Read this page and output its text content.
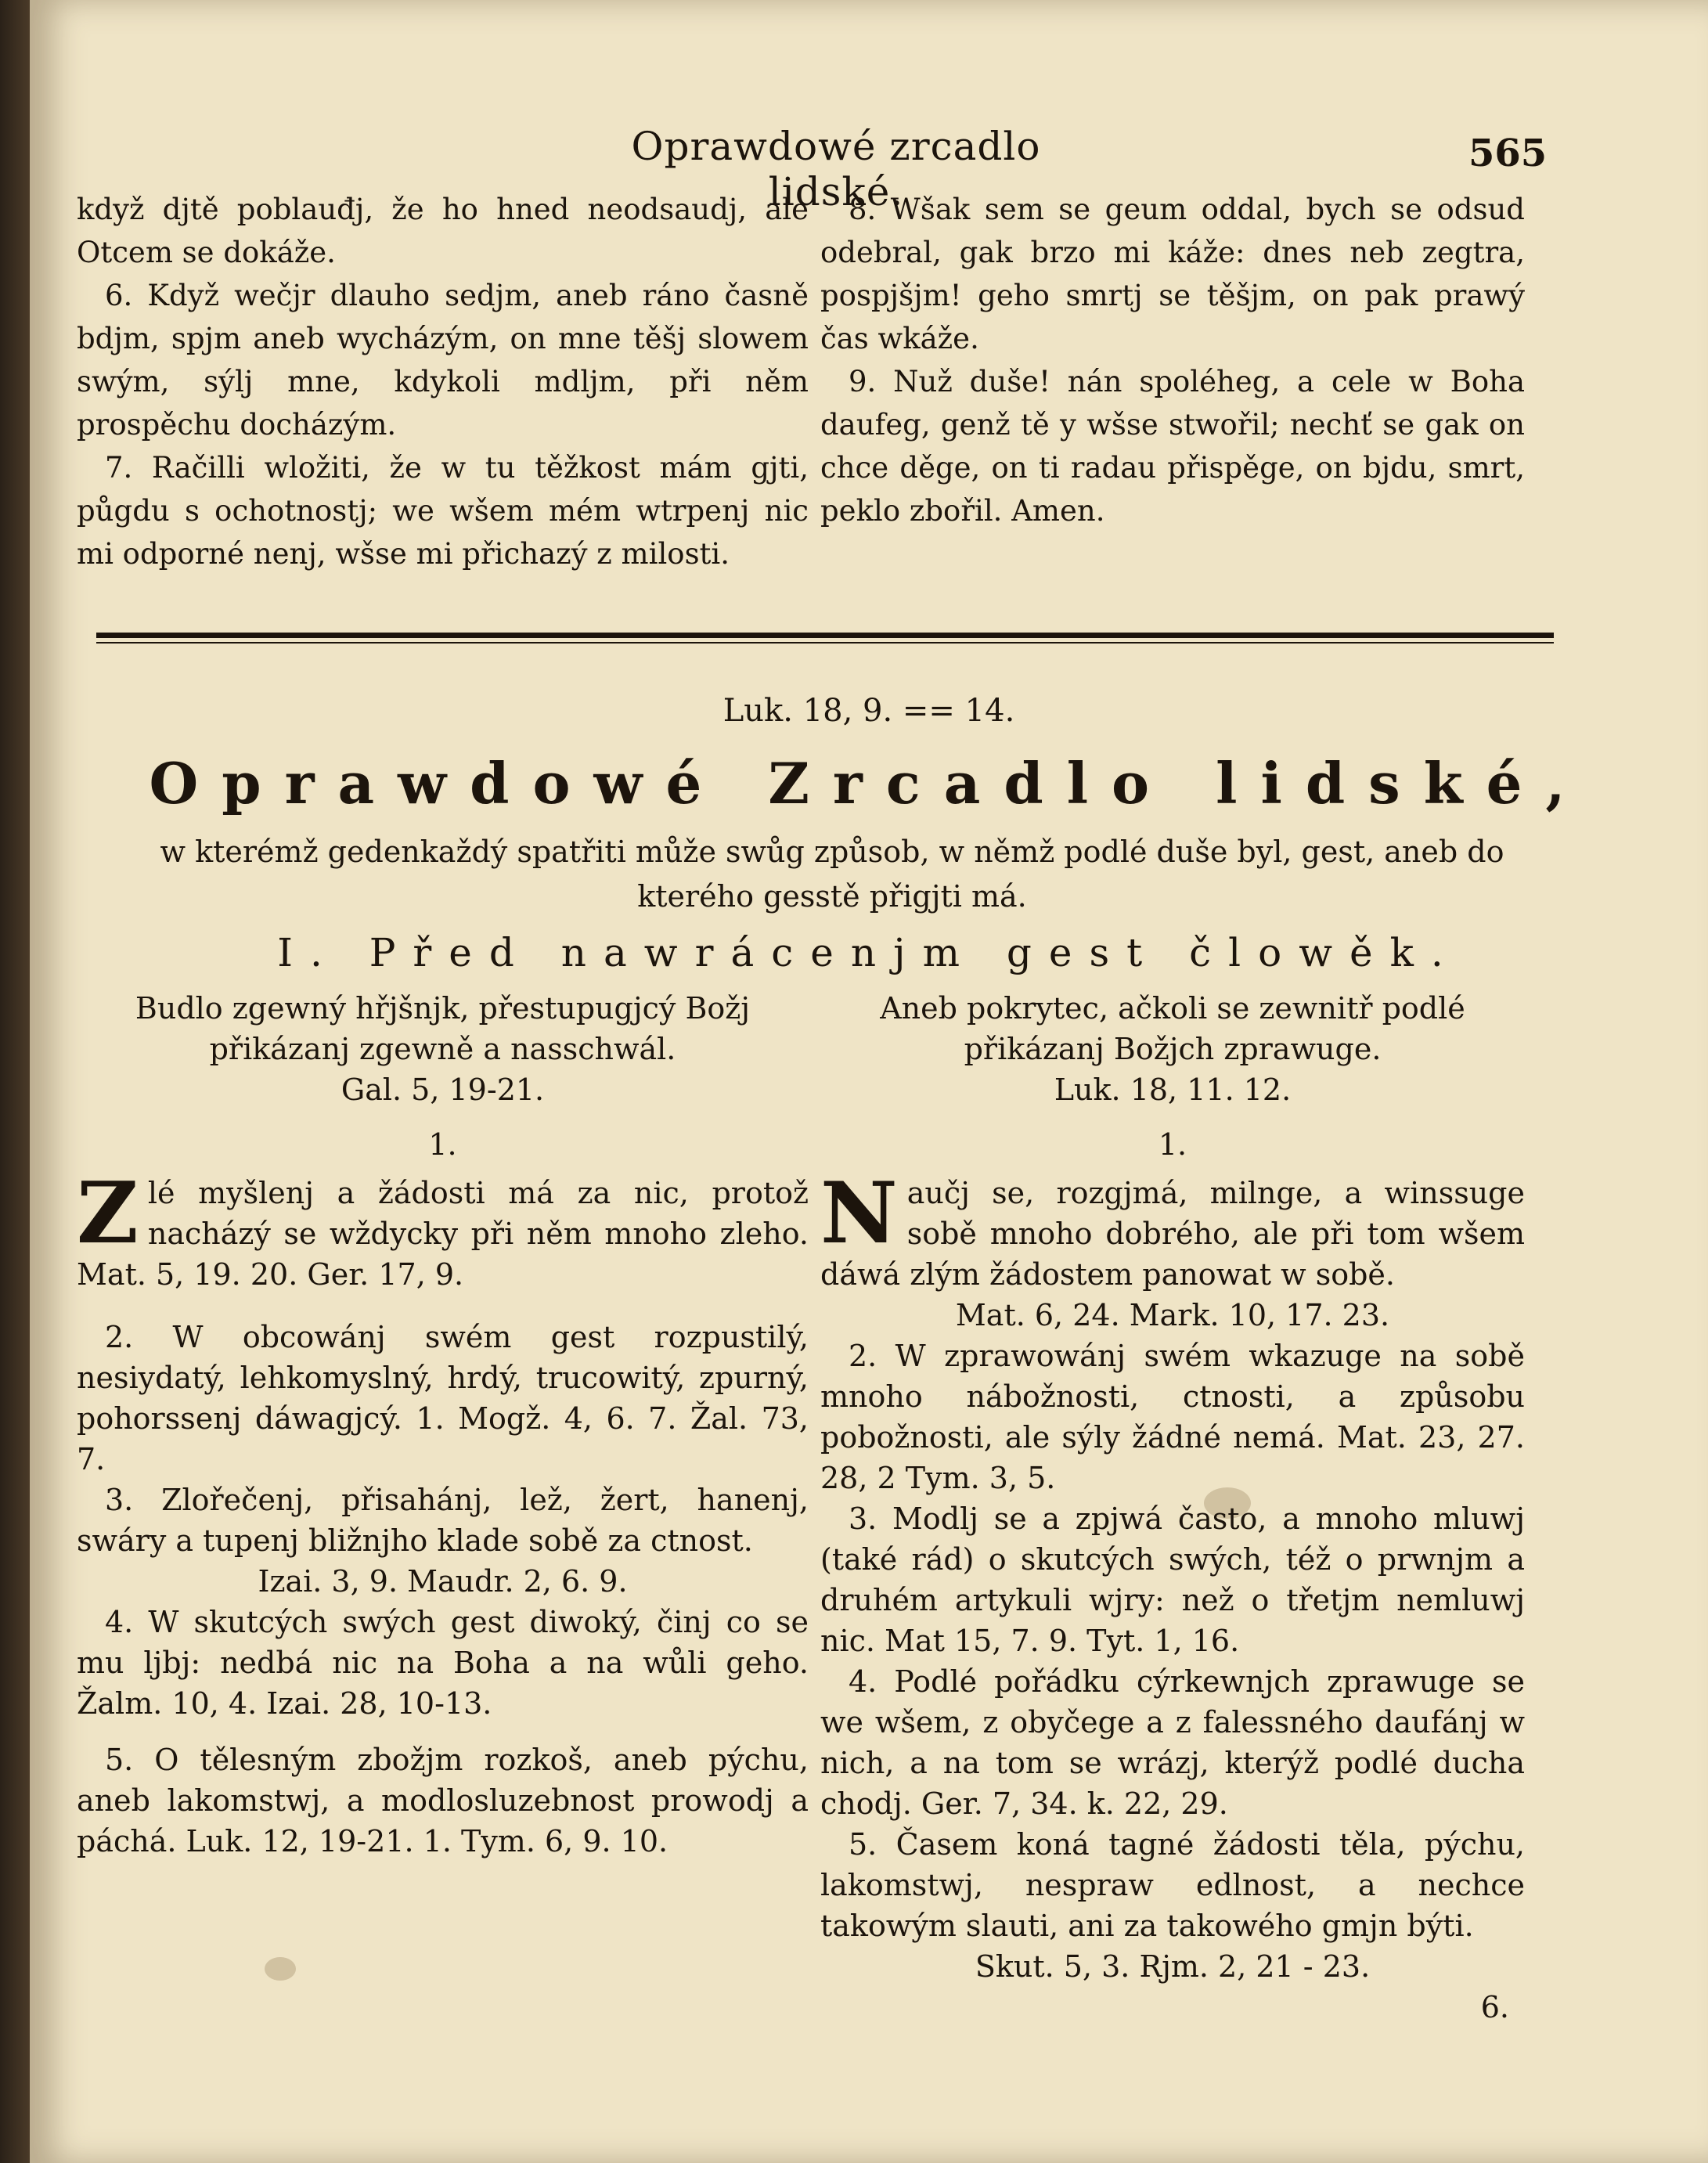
Oprawdowé zrcadlo lidské.
565

když djtě poblauđj, že ho hned neodsaudj, ale Otcem se dokáže.

6. Když wečjr dlauho sedjm, aneb ráno časně bdjm, spjm aneb wycházým, on mne těšj slowem swým, sýlj mne, kdykoli mdljm, při něm prospěchu docházým.

7. Račilli wložiti, že w tu těžkost mám gjti, půgdu s ochotnostj; we wšem mém wtrpenj nic mi odporné nenj, wšse mi přichazý z milosti.

8. Wšak sem se geum oddal, bych se odsud odebral, gak brzo mi káže: dnes neb zegtra, pospjšjm! geho smrtj se těšjm, on pak prawý čas wkáže.

9. Nuž duše! nán spoléheg, a cele w Boha daufeg, genž tě y wšse stwořil; nechť se gak on chce děge, on ti radau přispěge, on bjdu, smrt, peklo zbořil. Amen.

Luk. 18, 9. == 14.
Oprawdowé Zrcadlo lidské,
w kterémž gedenkaždý spatřiti může swůg způsob, w němž podlé duše byl, gest, aneb do kterého gesstě přigjti má.
I. Před nawrácenjm gest člowěk.

Budlo zgewný hřjšnjk, přestupugjcý Božj přikázanj zgewně a nasschwál.

Gal. 5, 19-21.

1.

Zlé myšlenj a žádosti má za nic, protož nacházý se wždycky při něm mnoho zleho. Mat. 5, 19. 20. Ger. 17, 9.

2. W obcowánj swém gest rozpustilý, nesiydatý, lehkomyslný, hrdý, trucowitý, zpurný, pohorssenj dáwagjcý. 1. Mogž. 4, 6. 7. Žal. 73, 7.

3. Zlořečenj, přisahánj, lež, žert, hanenj, swáry a tupenj bližnjho klade sobě za ctnost.

Izai. 3, 9. Maudr. 2, 6. 9.

4. W skutcých swých gest diwoký, činj co se mu ljbj: nedbá nic na Boha a na wůli geho. Žalm. 10, 4. Izai. 28, 10-13.

5. O tělesným zbožjm rozkoš, aneb pýchu, aneb lakomstwj, a modlosluzebnost prowodj a páchá. Luk. 12, 19-21. 1. Tym. 6, 9. 10.

Aneb pokrytec, ačkoli se zewnitř podlé přikázanj Božjch zprawuge.

Luk. 18, 11. 12.

1.

Naučj se, rozgjmá, milnge, a winssuge sobě mnoho dobrého, ale při tom wšem dáwá zlým žádostem panowat w sobě.

Mat. 6, 24. Mark. 10, 17. 23.

2. W zprawowánj swém wkazuge na sobě mnoho nábožnosti, ctnosti, a způsobu pobožnosti, ale sýly žádné nemá. Mat. 23, 27. 28, 2 Tym. 3, 5.

3. Modlj se a zpjwá často, a mnoho mluwj (také rád) o skutcých swých, též o prwnjm a druhém artykuli wjry: než o třetjm nemluwj nic. Mat 15, 7. 9. Tyt. 1, 16.

4. Podlé pořádku cýrkewnjch zprawuge se we wšem, z obyčege a z falessného daufánj w nich, a na tom se wrázj, kterýž podlé ducha chodj. Ger. 7, 34. k. 22, 29.

5. Časem koná tagné žádosti těla, pýchu, lakomstwj, nespraw edlnost, a nechce takowým slauti, ani za takowého gmjn býti.

Skut. 5, 3. Rjm. 2, 21 - 23.

6.
